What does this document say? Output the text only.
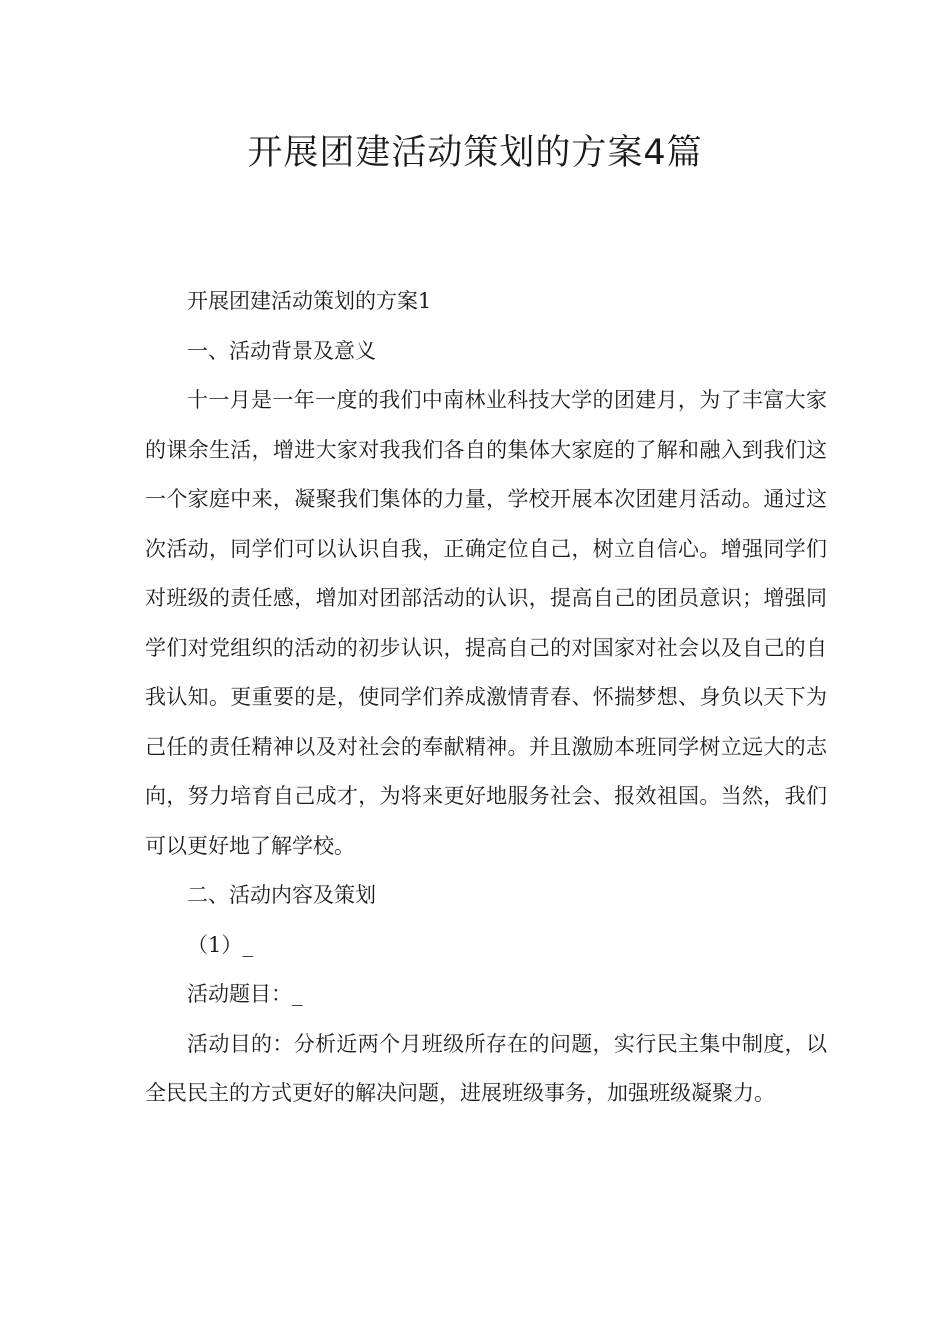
开展团建活动策划的方案4篇

开展团建活动策划的方案1

一、活动背景及意义

十一月是一年一度的我们中南林业科技大学的团建月，为了丰富大家的课余生活，增进大家对我我们各自的集体大家庭的了解和融入到我们这一个家庭中来，凝聚我们集体的力量，学校开展本次团建月活动。通过这次活动，同学们可以认识自我，正确定位自己，树立自信心。增强同学们对班级的责任感，增加对团部活动的认识，提高自己的团员意识；增强同学们对党组织的活动的初步认识，提高自己的对国家对社会以及自己的自我认知。更重要的是，使同学们养成激情青春、怀揣梦想、身负以天下为己任的责任精神以及对社会的奉献精神。并且激励本班同学树立远大的志向，努力培育自己成才，为将来更好地服务社会、报效祖国。当然，我们可以更好地了解学校。

二、活动内容及策划

（1）_

活动题目：_

活动目的：分析近两个月班级所存在的问题，实行民主集中制度，以全民民主的方式更好的解决问题，进展班级事务，加强班级凝聚力。
